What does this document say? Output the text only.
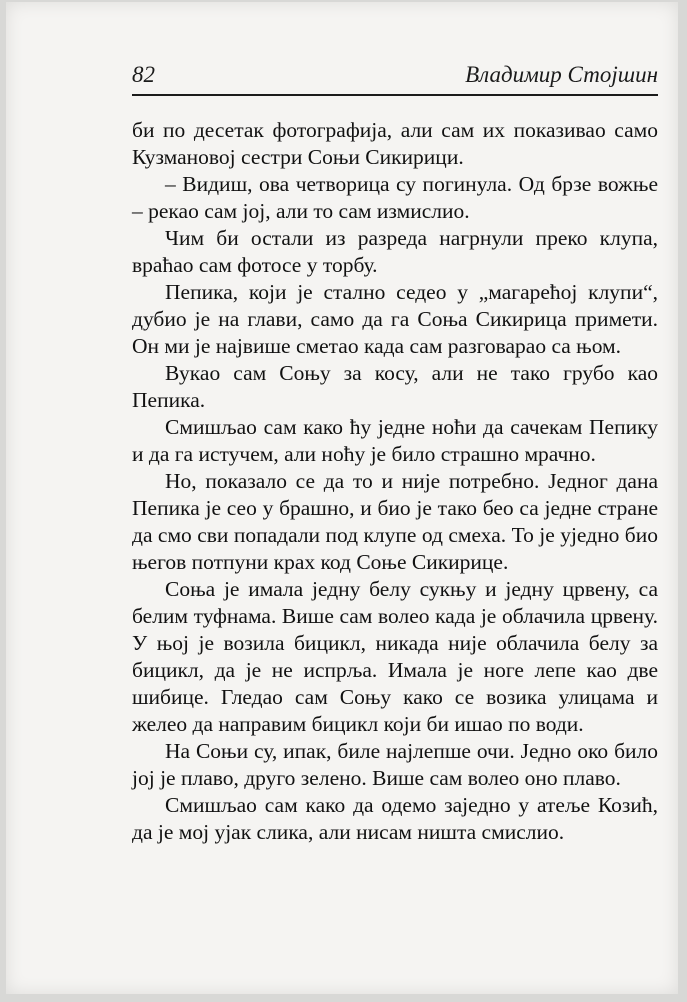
82	Владимир Стојшин

би по десетак фотографија, али сам их показивао само Кузмановој сестри Соњи Сикирици.

– Видиш, ова четворица су погинула. Од брзе вожње – рекао сам јој, али то сам измислио.

Чим би остали из разреда нагрнули преко клупа, враћао сам фотосе у торбу.

Пепика, који је стално седео у „магарећој клупи“, дубио је на глави, само да га Соња Сикирица примети. Он ми је највише сметао када сам разговарао са њом.

Вукао сам Соњу за косу, али не тако грубо као Пепика.

Смишљао сам како ћу једне ноћи да сачекам Пепику и да га истучем, али ноћу је било страшно мрачно.

Но, показало се да то и није потребно. Једног дана Пепика је сео у брашно, и био је тако бео са једне стране да смо сви попадали под клупе од смеха. То је уједно био његов потпуни крах код Соње Сикирице.

Соња је имала једну белу сукњу и једну црвену, са белим туфнама. Више сам волео када је облачила црвену. У њој је возила бицикл, никада није облачила белу за бицикл, да је не испрља. Имала је ноге лепе као две шибице. Гледао сам Соњу како се возика улицама и желео да направим бицикл који би ишао по води.

На Соњи су, ипак, биле најлепше очи. Једно око било јој је плаво, друго зелено. Више сам волео оно плаво.

Смишљао сам како да одемо заједно у атеље Козић, да је мој ујак слика, али нисам ништа смислио.
